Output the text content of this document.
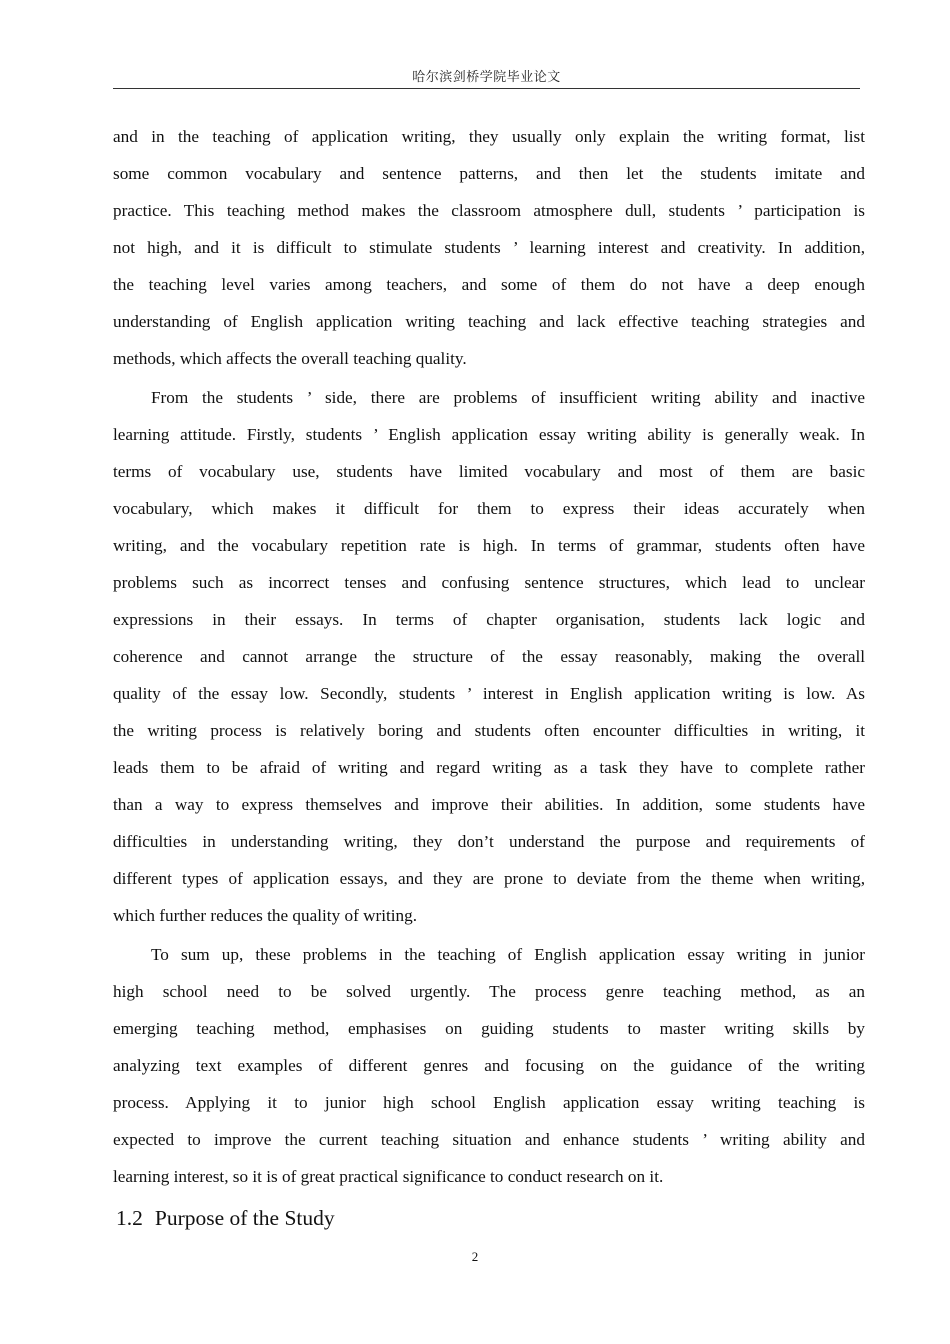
哈尔滨剑桥学院毕业论文

and in the teaching of application writing, they usually only explain the writing format, list
some common vocabulary and sentence patterns, and then let the students imitate and
practice. This teaching method makes the classroom atmosphere dull, students ’ participation is
not high, and it is difficult to stimulate students ’ learning interest and creativity. In addition,
the teaching level varies among teachers, and some of them do not have a deep enough
understanding of English application writing teaching and lack effective teaching strategies and
methods, which affects the overall teaching quality.

From the students ’ side, there are problems of insufficient writing ability and inactive
learning attitude. Firstly, students ’ English application essay writing ability is generally weak. In
terms of vocabulary use, students have limited vocabulary and most of them are basic
vocabulary, which makes it difficult for them to express their ideas accurately when
writing, and the vocabulary repetition rate is high. In terms of grammar, students often have
problems such as incorrect tenses and confusing sentence structures, which lead to unclear
expressions in their essays. In terms of chapter organisation, students lack logic and
coherence and cannot arrange the structure of the essay reasonably, making the overall
quality of the essay low. Secondly, students ’ interest in English application writing is low. As
the writing process is relatively boring and students often encounter difficulties in writing, it
leads them to be afraid of writing and regard writing as a task they have to complete rather
than a way to express themselves and improve their abilities. In addition, some students have
difficulties in understanding writing, they don’t understand the purpose and requirements of
different types of application essays, and they are prone to deviate from the theme when writing,
which further reduces the quality of writing.

To sum up, these problems in the teaching of English application essay writing in junior
high school need to be solved urgently. The process genre teaching method, as an
emerging teaching method, emphasises on guiding students to master writing skills by
analyzing text examples of different genres and focusing on the guidance of the writing
process. Applying it to junior high school English application essay writing teaching is
expected to improve the current teaching situation and enhance students ’ writing ability and
learning interest, so it is of great practical significance to conduct research on it.

1.2 Purpose of the Study
2
